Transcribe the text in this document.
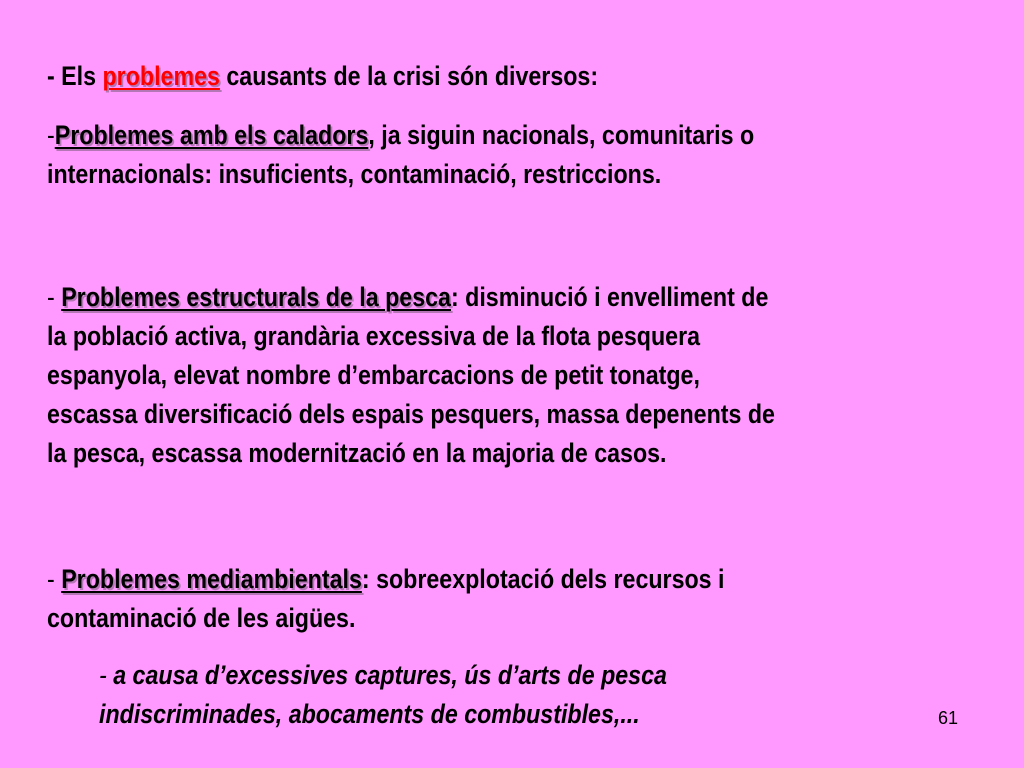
- Els problemes causants de la crisi són diversos:
-Problemes amb els caladors, ja siguin nacionals, comunitaris o
internacionals: insuficients, contaminació, restriccions.
- Problemes estructurals de la pesca: disminució i envelliment de
la població activa, grandària excessiva de la flota pesquera
espanyola, elevat nombre d’embarcacions de petit tonatge,
escassa diversificació dels espais pesquers, massa depenents de
la pesca, escassa modernització en la majoria de casos.
- Problemes mediambientals: sobreexplotació dels recursos i
contaminació de les aigües.
- a causa d’excessives captures, ús d’arts de pesca
indiscriminades, abocaments de combustibles,...	61
